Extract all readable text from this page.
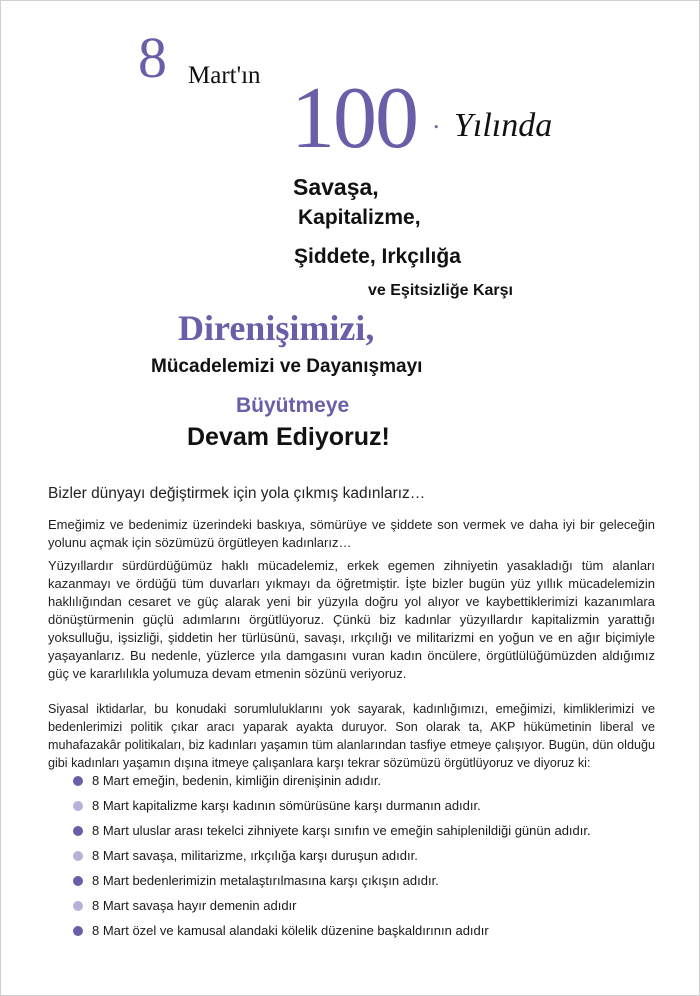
8 Mart'ın 100 . Yılında
Savaşa,
Kapitalizme,
Şiddete, Irkçılığa
ve Eşitsizliğe Karşı
Direnişimizi,
Mücadelemizi ve Dayanışmayı
Büyütmeye
Devam Ediyoruz!
Bizler dünyayı değiştirmek için yola çıkmış kadınlarız…

Emeğimiz ve bedenimiz üzerindeki baskıya, sömürüye ve şiddete son vermek ve daha iyi bir geleceğin yolunu açmak için sözümüzü örgütleyen kadınlarız…

Yüzyıllardır sürdürdüğümüz haklı mücadelemiz, erkek egemen zihniyetin yasakladığı tüm alanları kazanmayı ve ördüğü tüm duvarları yıkmayı da öğretmiştir. İşte bizler bugün yüz yıllık mücadelemizin haklılığından cesaret ve güç alarak yeni bir yüzyıla doğru yol alıyor ve kaybettiklerimizi kazanımlara dönüştürmenin güçlü adımlarını örgütlüyoruz. Çünkü biz kadınlar yüzyıllardır kapitalizmin yarattığı yoksulluğu, işsizliği, şiddetin her türlüsünü, savaşı, ırkçılığı ve militarizmi en yoğun ve en ağır biçimiyle yaşayanlarız. Bu nedenle, yüzlerce yıla damgasını vuran kadın öncülere, örgütlülüğümüzden aldığımız güç ve kararlılıkla yolumuza devam etmenin sözünü veriyoruz.

Siyasal iktidarlar, bu konudaki sorumluluklarını yok sayarak, kadınlığımızı, emeğimizi, kimliklerimizi ve bedenlerimizi politik çıkar aracı yaparak ayakta duruyor. Son olarak ta, AKP hükümetinin liberal ve muhafazakâr politikaları, biz kadınları yaşamın tüm alanlarından tasfiye etmeye çalışıyor. Bugün, dün olduğu gibi kadınları yaşamın dışına itmeye çalışanlara karşı tekrar sözümüzü örgütlüyoruz ve diyoruz ki:

8 Mart emeğin, bedenin, kimliğin direnişinin adıdır.
8 Mart kapitalizme karşı kadının sömürüsüne karşı durmanın adıdır.
8 Mart uluslar arası tekelci zihniyete karşı sınıfın ve emeğin sahiplenildiği günün adıdır.
8 Mart savaşa, militarizme, ırkçılığa karşı duruşun adıdır.
8 Mart bedenlerimizin metalaştırılmasına karşı çıkışın adıdır.
8 Mart savaşa hayır demenin adıdır
8 Mart özel ve kamusal alandaki kölelik düzenine başkaldırının adıdır
